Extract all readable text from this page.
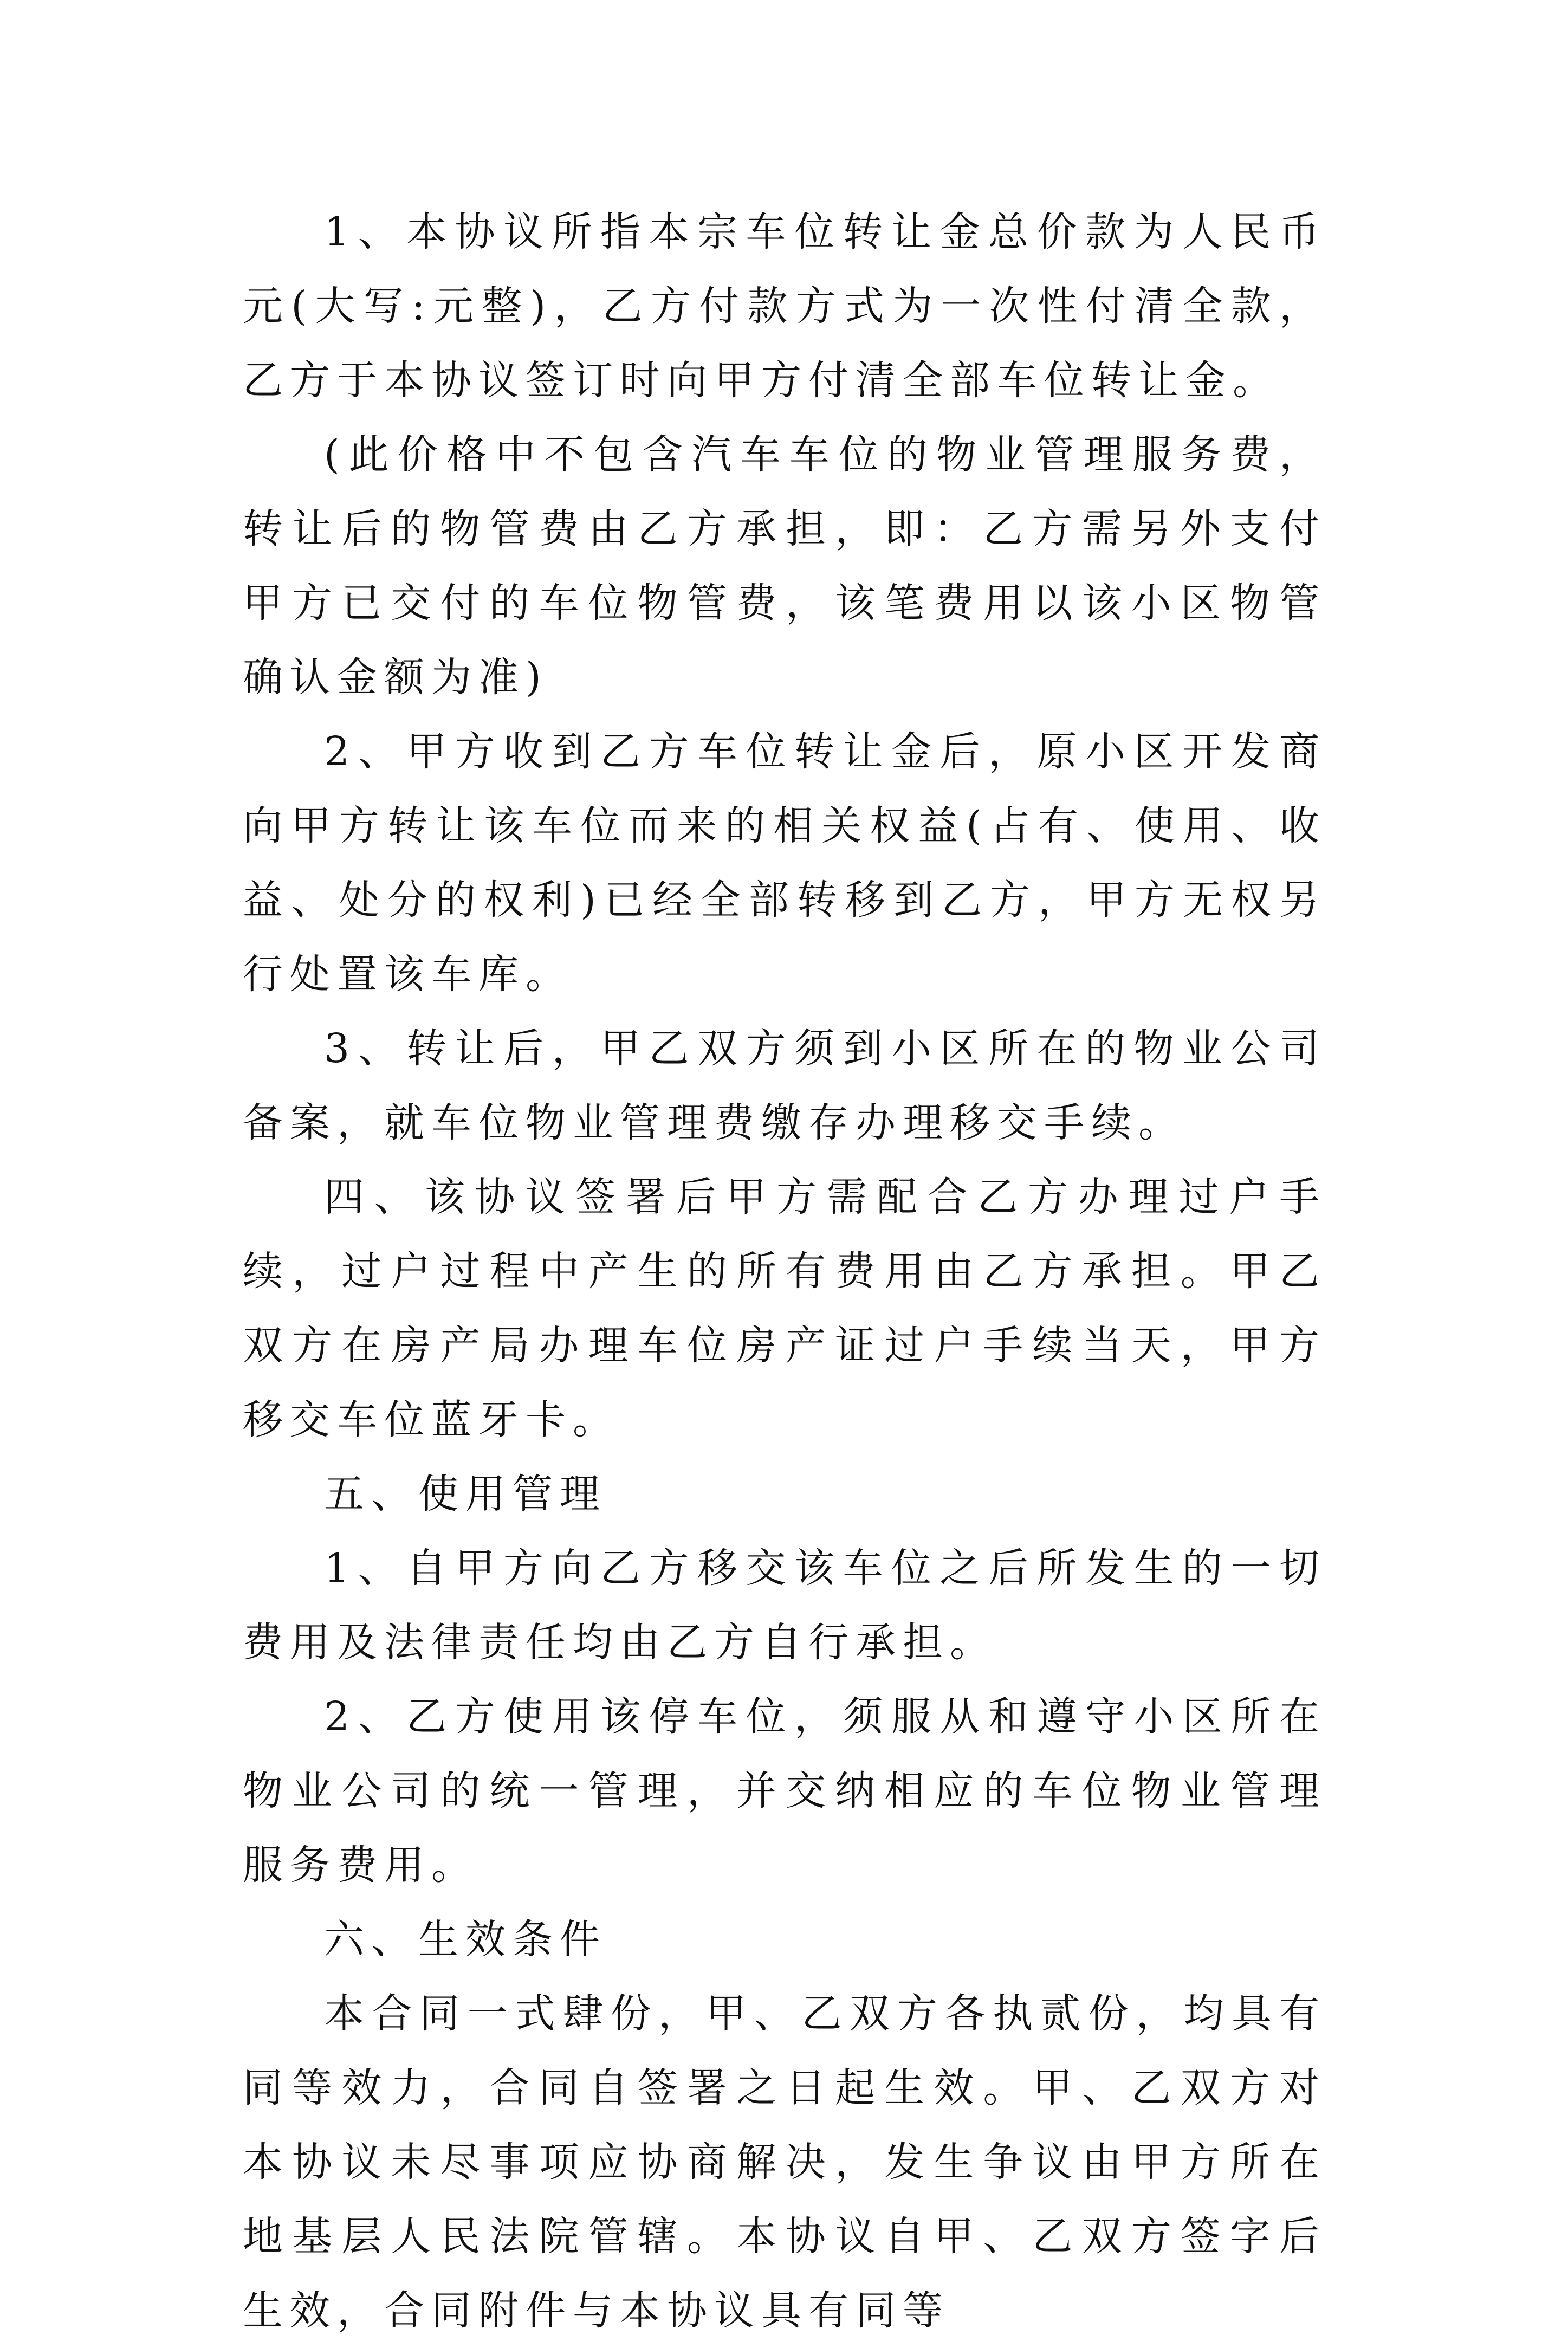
1、本协议所指本宗车位转让金总价款为人民币元(大写:元整)，乙方付款方式为一次性付清全款，乙方于本协议签订时向甲方付清全部车位转让金。

(此价格中不包含汽车车位的物业管理服务费，转让后的物管费由乙方承担，即：乙方需另外支付甲方已交付的车位物管费，该笔费用以该小区物管确认金额为准)

2、甲方收到乙方车位转让金后，原小区开发商向甲方转让该车位而来的相关权益(占有、使用、收益、处分的权利)已经全部转移到乙方，甲方无权另行处置该车库。

3、转让后，甲乙双方须到小区所在的物业公司备案，就车位物业管理费缴存办理移交手续。

四、该协议签署后甲方需配合乙方办理过户手续，过户过程中产生的所有费用由乙方承担。甲乙双方在房产局办理车位房产证过户手续当天，甲方移交车位蓝牙卡。

五、使用管理

1、自甲方向乙方移交该车位之后所发生的一切费用及法律责任均由乙方自行承担。

2、乙方使用该停车位，须服从和遵守小区所在物业公司的统一管理，并交纳相应的车位物业管理服务费用。

六、生效条件

本合同一式肆份，甲、乙双方各执贰份，均具有同等效力，合同自签署之日起生效。甲、乙双方对本协议未尽事项应协商解决，发生争议由甲方所在地基层人民法院管辖。本协议自甲、乙双方签字后生效，合同附件与本协议具有同等
